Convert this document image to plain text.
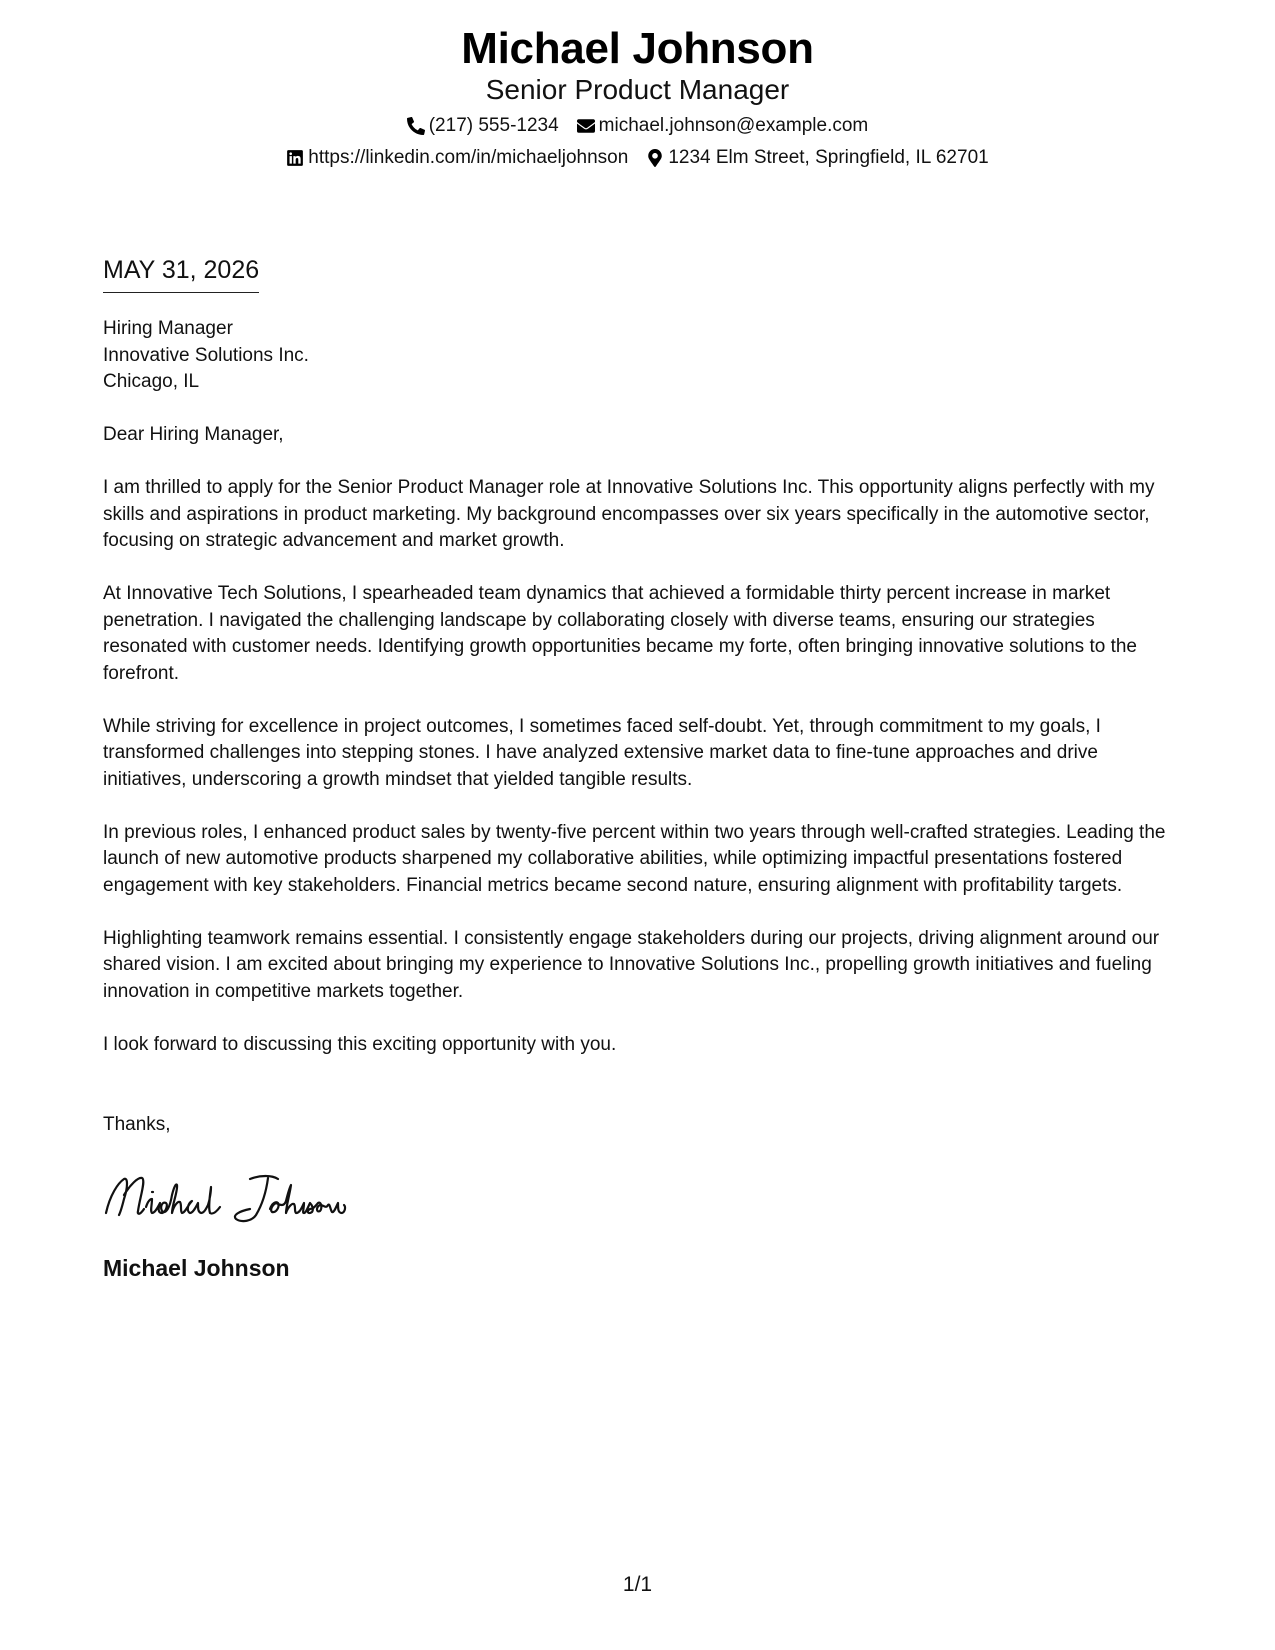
Michael Johnson
Senior Product Manager
(217) 555-1234 michael.johnson@example.com
https://linkedin.com/in/michaeljohnson 1234 Elm Street, Springfield, IL 62701
MAY 31, 2026
Hiring Manager
Innovative Solutions Inc.
Chicago, IL

Dear Hiring Manager,

I am thrilled to apply for the Senior Product Manager role at Innovative Solutions Inc. This opportunity aligns perfectly with my skills and aspirations in product marketing. My background encompasses over six years specifically in the automotive sector, focusing on strategic advancement and market growth.

At Innovative Tech Solutions, I spearheaded team dynamics that achieved a formidable thirty percent increase in market penetration. I navigated the challenging landscape by collaborating closely with diverse teams, ensuring our strategies resonated with customer needs. Identifying growth opportunities became my forte, often bringing innovative solutions to the forefront.

While striving for excellence in project outcomes, I sometimes faced self-doubt. Yet, through commitment to my goals, I transformed challenges into stepping stones. I have analyzed extensive market data to fine-tune approaches and drive initiatives, underscoring a growth mindset that yielded tangible results.

In previous roles, I enhanced product sales by twenty-five percent within two years through well-crafted strategies. Leading the launch of new automotive products sharpened my collaborative abilities, while optimizing impactful presentations fostered engagement with key stakeholders. Financial metrics became second nature, ensuring alignment with profitability targets.

Highlighting teamwork remains essential. I consistently engage stakeholders during our projects, driving alignment around our shared vision. I am excited about bringing my experience to Innovative Solutions Inc., propelling growth initiatives and fueling innovation in competitive markets together.

I look forward to discussing this exciting opportunity with you.

Thanks,
Michael Johnson
1/1
